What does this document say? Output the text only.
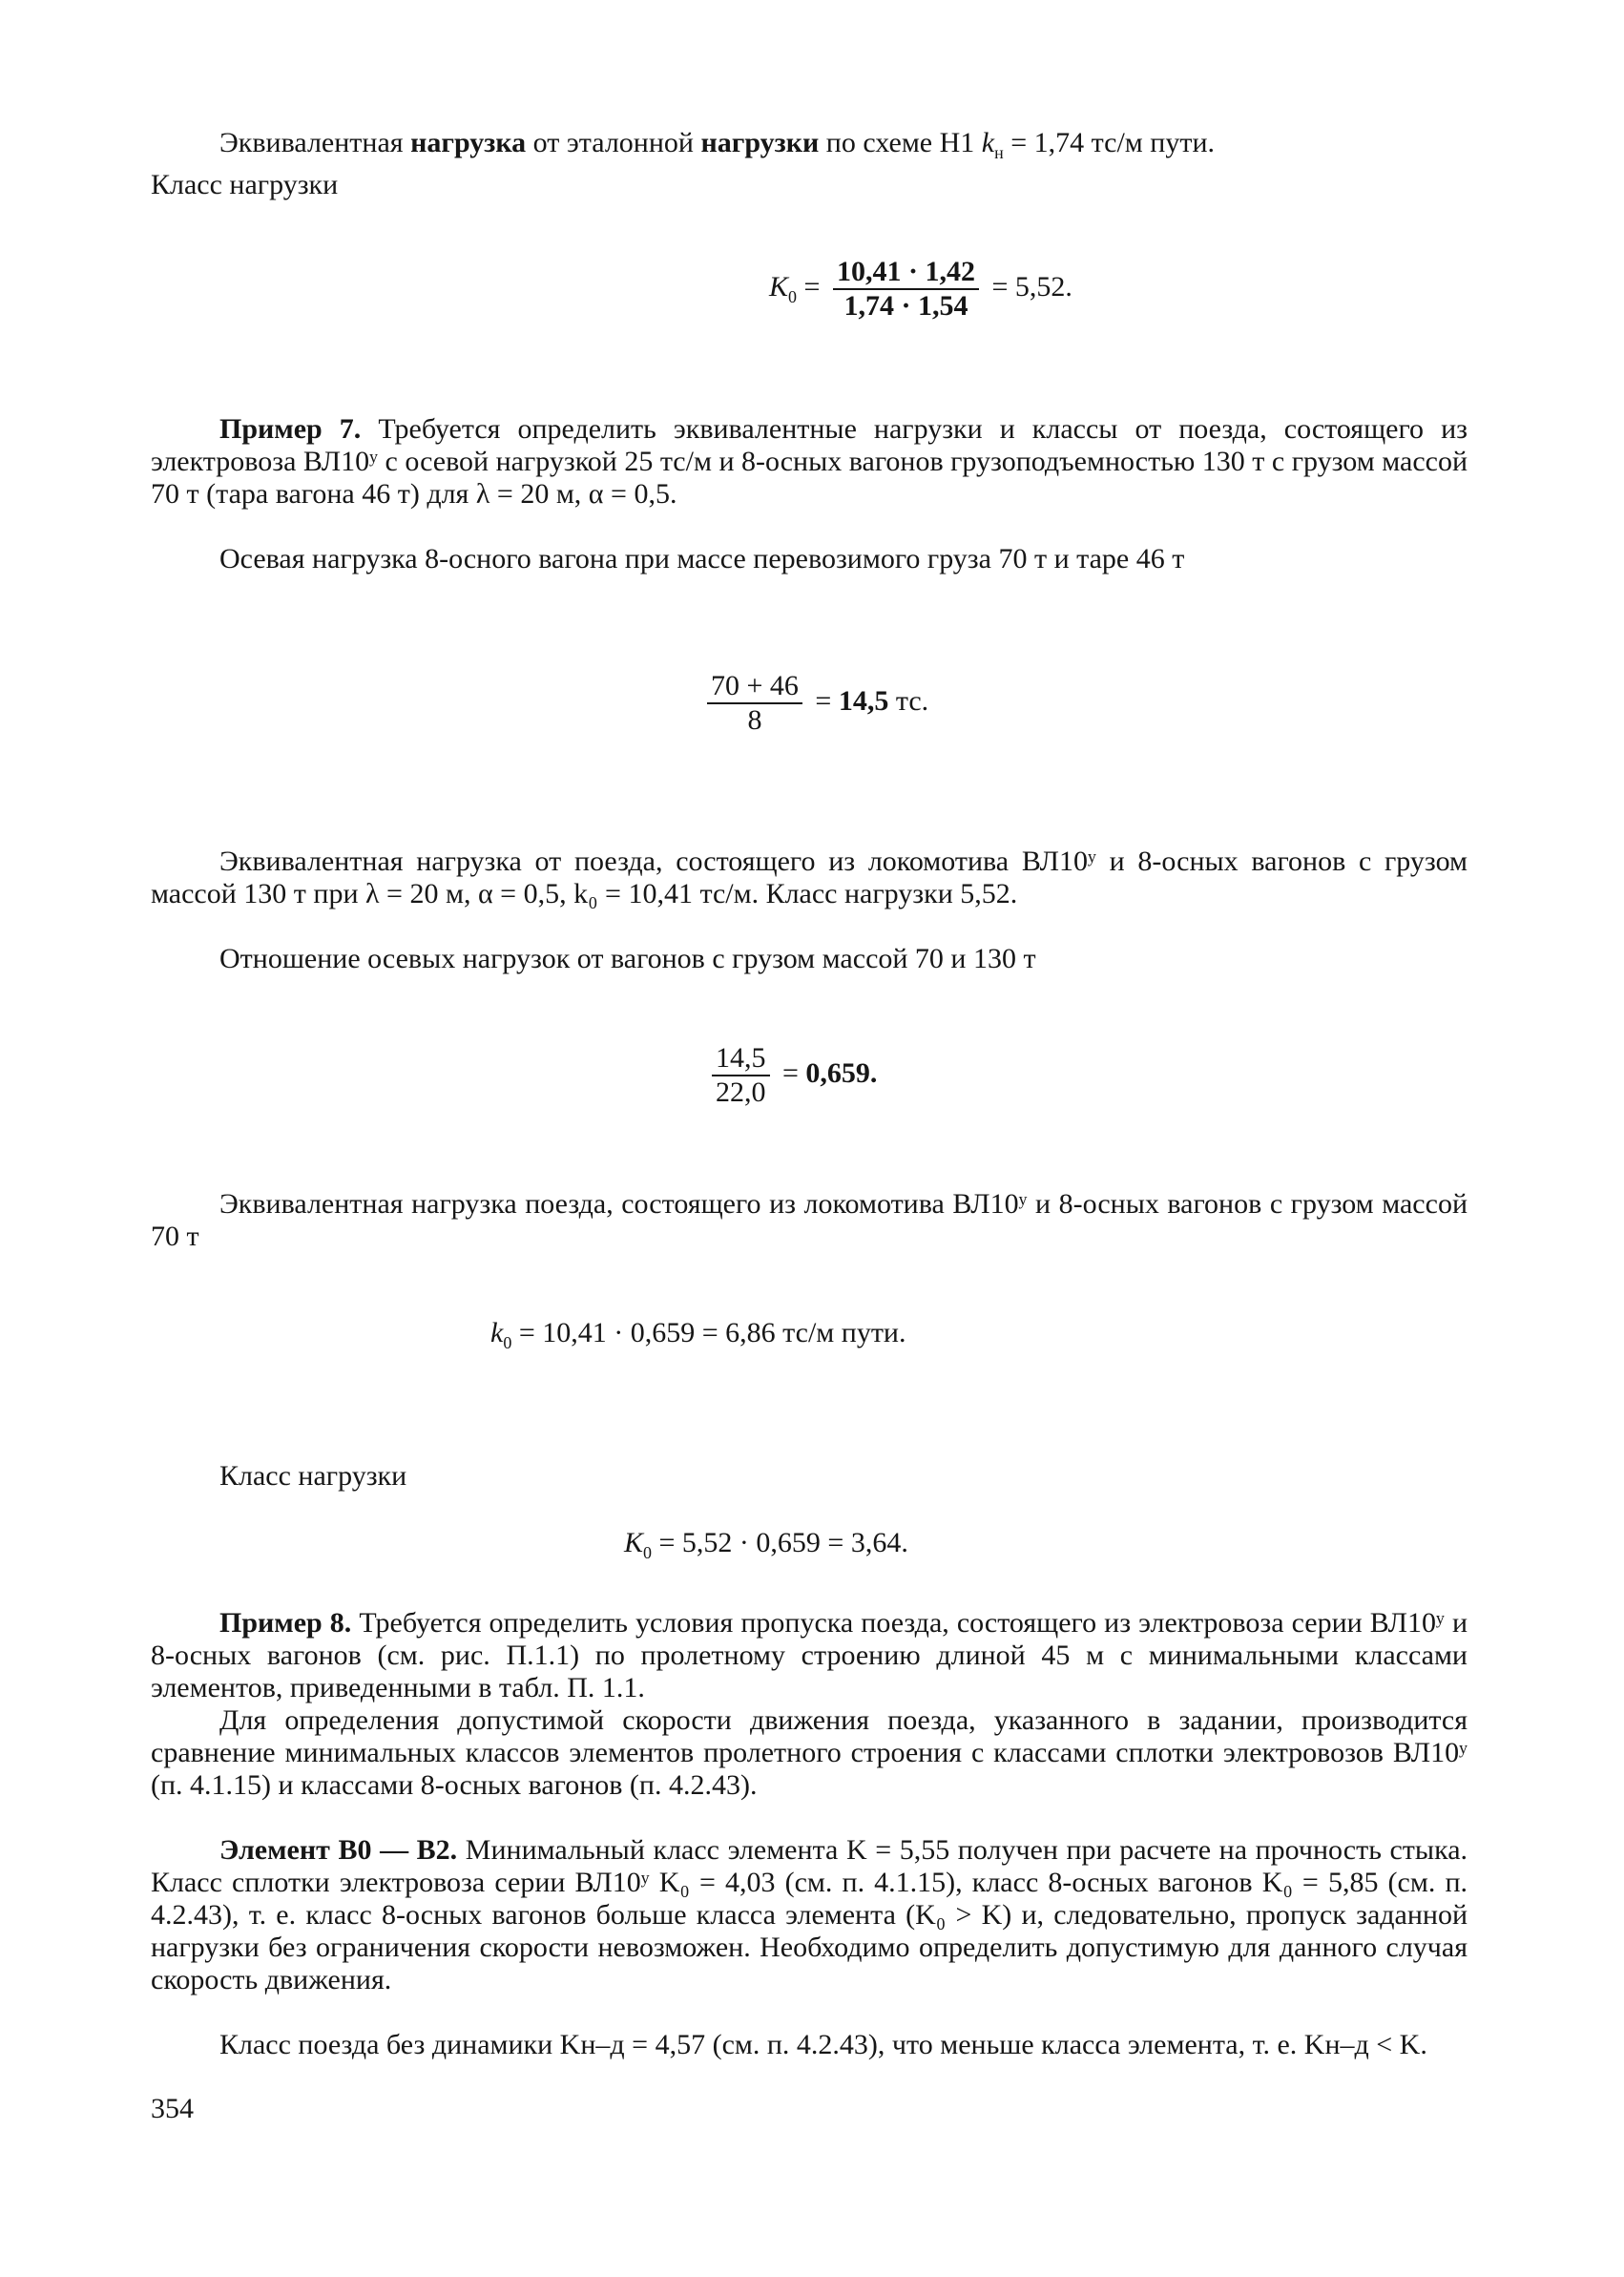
Эквивалентная нагрузка от эталонной нагрузки по схеме Н1 $k_н = 1,74$ тс/м пути.
Класс нагрузки
$K_0 = \frac{10,41 \cdot 1,42}{1,74 \cdot 1,54} = 5,52$.
Пример 7. Требуется определить эквивалентные нагрузки и классы от поезда, состоящего из электровоза ВЛ10ʸ с осевой нагрузкой 25 тс/м и 8-осных вагонов грузоподъемностью 130 т с грузом массой 70 т (тара вагона 46 т) для λ = 20 м, α = 0,5.
Осевая нагрузка 8-осного вагона при массе перевозимого груза 70 т и таре 46 т
$\frac{70 + 46}{8} = 14,5$ тс.
Эквивалентная нагрузка от поезда, состоящего из локомотива ВЛ10ʸ и 8-осных вагонов с грузом массой 130 т при λ = 20 м, α = 0,5, k₀ = 10,41 тс/м. Класс нагрузки 5,52.
Отношение осевых нагрузок от вагонов с грузом массой 70 и 130 т
$\frac{14,5}{22,0} = 0,659$.
Эквивалентная нагрузка поезда, состоящего из локомотива ВЛ10ʸ и 8-осных вагонов с грузом массой 70 т
$k_0 = 10,41 \cdot 0,659 = 6,86$ тс/м пути.
Класс нагрузки
$K_0 = 5,52 \cdot 0,659 = 3,64$.
Пример 8. Требуется определить условия пропуска поезда, состоящего из электровоза серии ВЛ10ʸ и 8-осных вагонов (см. рис. П.1.1) по пролетному строению длиной 45 м с минимальными классами элементов, приведенными в табл. П. 1.1.
Для определения допустимой скорости движения поезда, указанного в задании, производится сравнение минимальных классов элементов пролетного строения с классами сплотки электровозов ВЛ10ʸ (п. 4.1.15) и классами 8-осных вагонов (п. 4.2.43).
Элемент В0 — В2. Минимальный класс элемента K = 5,55 получен при расчете на прочность стыка. Класс сплотки электровоза серии ВЛ10ʸ K₀ = 4,03 (см. п. 4.1.15), класс 8-осных вагонов K₀ = 5,85 (см. п. 4.2.43), т. е. класс 8-осных вагонов больше класса элемента (K₀ > K) и, следовательно, пропуск заданной нагрузки без ограничения скорости невозможен. Необходимо определить допустимую для данного случая скорость движения.
Класс поезда без динамики Kн–д = 4,57 (см. п. 4.2.43), что меньше класса элемента, т. е. Kн–д < K.
354
